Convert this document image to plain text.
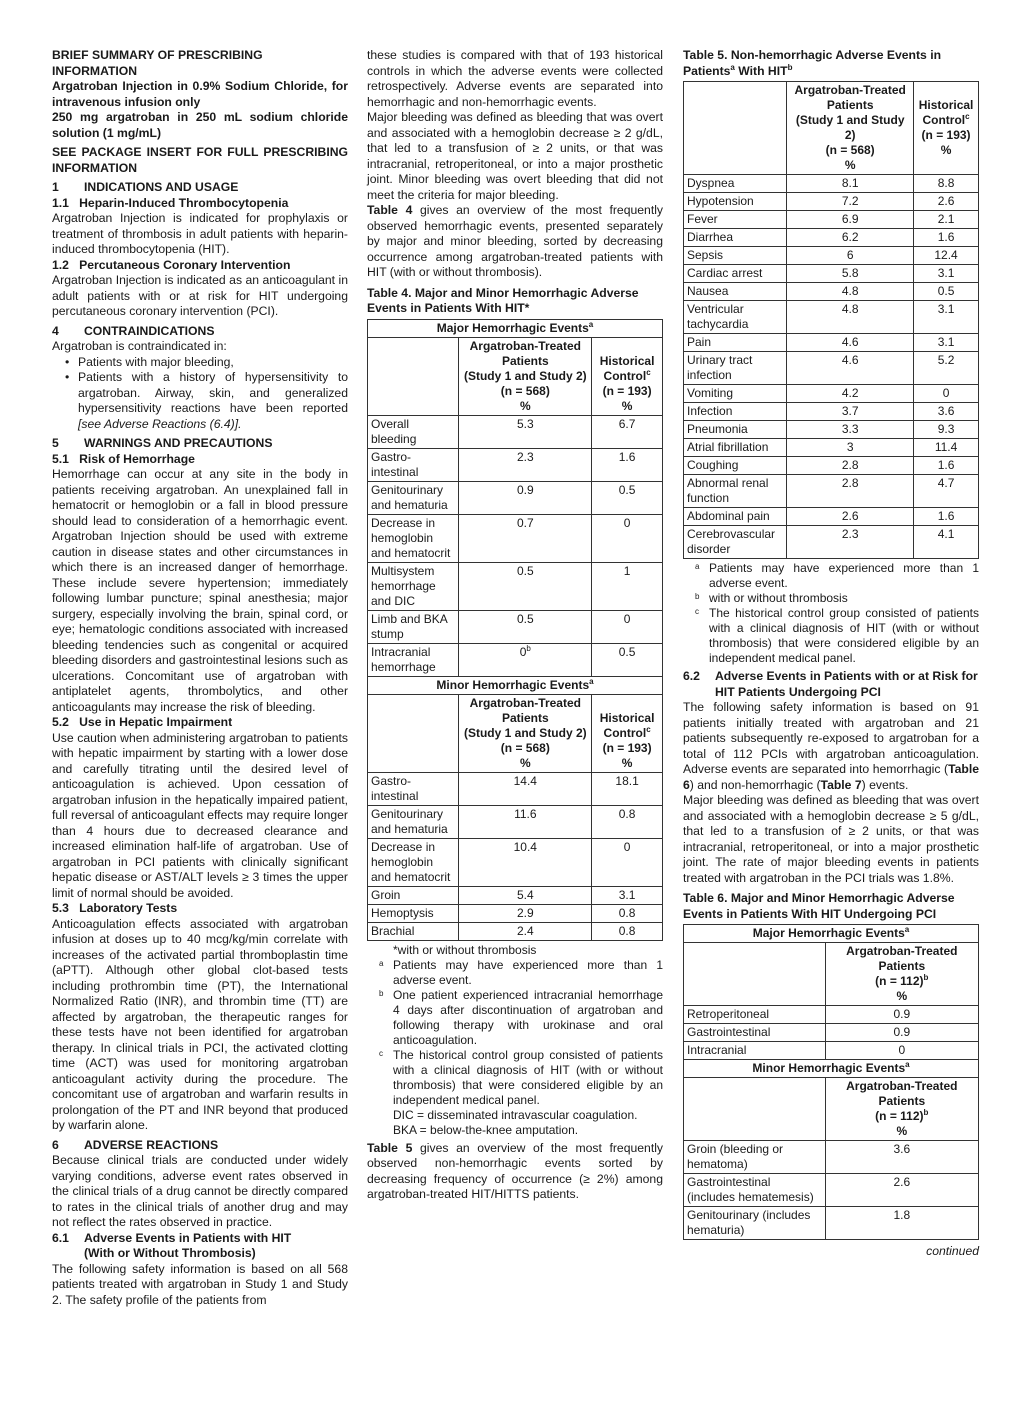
BRIEF SUMMARY OF PRESCRIBING INFORMATION
Argatroban Injection in 0.9% Sodium Chloride, for intravenous infusion only
250 mg argatroban in 250 mL sodium chloride solution (1 mg/mL)
SEE PACKAGE INSERT FOR FULL PRESCRIBING INFORMATION
1 INDICATIONS AND USAGE
1.1 Heparin-Induced Thrombocytopenia

Argatroban Injection is indicated for prophylaxis or treatment of thrombosis in adult patients with heparin-induced thrombocytopenia (HIT).

1.2 Percutaneous Coronary Intervention

Argatroban Injection is indicated as an anticoagulant in adult patients with or at risk for HIT undergoing percutaneous coronary intervention (PCI).

4 CONTRAINDICATIONS

Argatroban is contraindicated in:

• Patients with major bleeding,
• Patients with a history of hypersensitivity to argatroban. Airway, skin, and generalized hypersensitivity reactions have been reported [see Adverse Reactions (6.4)].
5 WARNINGS AND PRECAUTIONS
5.1 Risk of Hemorrhage

Hemorrhage can occur at any site in the body in patients receiving argatroban. An unexplained fall in hematocrit or hemoglobin or a fall in blood pressure should lead to consideration of a hemorrhagic event. Argatroban Injection should be used with extreme caution in disease states and other circumstances in which there is an increased danger of hemorrhage. These include severe hypertension; immediately following lumbar puncture; spinal anesthesia; major surgery, especially involving the brain, spinal cord, or eye; hematologic conditions associated with increased bleeding tendencies such as congenital or acquired bleeding disorders and gastrointestinal lesions such as ulcerations. Concomitant use of argatroban with antiplatelet agents, thrombolytics, and other anticoagulants may increase the risk of bleeding.

5.2 Use in Hepatic Impairment

Use caution when administering argatroban to patients with hepatic impairment by starting with a lower dose and carefully titrating until the desired level of anticoagulation is achieved. Upon cessation of argatroban infusion in the hepatically impaired patient, full reversal of anticoagulant effects may require longer than 4 hours due to decreased clearance and increased elimination half-life of argatroban. Use of argatroban in PCI patients with clinically significant hepatic disease or AST/ALT levels ≥ 3 times the upper limit of normal should be avoided.

5.3 Laboratory Tests

Anticoagulation effects associated with argatroban infusion at doses up to 40 mcg/kg/min correlate with increases of the activated partial thromboplastin time (aPTT). Although other global clot-based tests including prothrombin time (PT), the International Normalized Ratio (INR), and thrombin time (TT) are affected by argatroban, the therapeutic ranges for these tests have not been identified for argatroban therapy. In clinical trials in PCI, the activated clotting time (ACT) was used for monitoring argatroban anticoagulant activity during the procedure. The concomitant use of argatroban and warfarin results in prolongation of the PT and INR beyond that produced by warfarin alone.

6 ADVERSE REACTIONS

Because clinical trials are conducted under widely varying conditions, adverse event rates observed in the clinical trials of a drug cannot be directly compared to rates in the clinical trials of another drug and may not reflect the rates observed in practice.

6.1 Adverse Events in Patients with HIT
(With or Without Thrombosis)

The following safety information is based on all 568 patients treated with argatroban in Study 1 and Study 2. The safety profile of the patients from

these studies is compared with that of 193 historical controls in which the adverse events were collected retrospectively. Adverse events are separated into hemorrhagic and non-hemorrhagic events.

Major bleeding was defined as bleeding that was overt and associated with a hemoglobin decrease ≥ 2 g/dL, that led to a transfusion of ≥ 2 units, or that was intracranial, retroperitoneal, or into a major prosthetic joint. Minor bleeding was overt bleeding that did not meet the criteria for major bleeding.

Table 4 gives an overview of the most frequently observed hemorrhagic events, presented separately by major and minor bleeding, sorted by decreasing occurrence among argatroban-treated patients with HIT (with or without thrombosis).

Table 4. Major and Minor Hemorrhagic Adverse Events in Patients With HIT*
Major Hemorrhagic Events$^a$
	Argatroban-Treated
Patients
(Study 1 and Study 2)
(n = 568)
%	Historical
Control$^c$
(n = 193)
%
Overall bleeding	5.3	6.7
Gastro-intestinal	2.3	1.6
Genitourinary and hematuria	0.9	0.5
Decrease in hemoglobin and hematocrit	0.7	0
Multisystem hemorrhage and DIC	0.5	1
Limb and BKA stump	0.5	0
Intracranial hemorrhage	0$^b$	0.5
Minor Hemorrhagic Events$^a$
	Argatroban-Treated
Patients
(Study 1 and Study 2)
(n = 568)
%	Historical
Control$^c$
(n = 193)
%
Gastro-intestinal	14.4	18.1
Genitourinary and hematuria	11.6	0.8
Decrease in hemoglobin and hematocrit	10.4	0
Groin	5.4	3.1
Hemoptysis	2.9	0.8
Brachial	2.4	0.8
*with or without thrombosis
a Patients may have experienced more than 1 adverse event.
b One patient experienced intracranial hemorrhage 4 days after discontinuation of argatroban and following therapy with urokinase and oral anticoagulation.
c The historical control group consisted of patients with a clinical diagnosis of HIT (with or without thrombosis) that were considered eligible by an independent medical panel.
DIC = disseminated intravascular coagulation.
BKA = below-the-knee amputation.

Table 5 gives an overview of the most frequently observed non-hemorrhagic events sorted by decreasing frequency of occurrence (≥ 2%) among argatroban-treated HIT/HITTS patients.

Table 5. Non-hemorrhagic Adverse Events in Patients$^a$ With HIT$^b$
	Argatroban-Treated
Patients
(Study 1 and Study 2)
(n = 568)
%	Historical
Control$^c$
(n = 193)
%
Dyspnea	8.1	8.8
Hypotension	7.2	2.6
Fever	6.9	2.1
Diarrhea	6.2	1.6
Sepsis	6	12.4
Cardiac arrest	5.8	3.1
Nausea	4.8	0.5
Ventricular tachycardia	4.8	3.1
Pain	4.6	3.1
Urinary tract infection	4.6	5.2
Vomiting	4.2	0
Infection	3.7	3.6
Pneumonia	3.3	9.3
Atrial fibrillation	3	11.4
Coughing	2.8	1.6
Abnormal renal function	2.8	4.7
Abdominal pain	2.6	1.6
Cerebrovascular disorder	2.3	4.1
a Patients may have experienced more than 1 adverse event.
b with or without thrombosis
c The historical control group consisted of patients with a clinical diagnosis of HIT (with or without thrombosis) that were considered eligible by an independent medical panel.
6.2 Adverse Events in Patients with or at Risk for HIT Patients Undergoing PCI

The following safety information is based on 91 patients initially treated with argatroban and 21 patients subsequently re-exposed to argatroban for a total of 112 PCIs with argatroban anticoagulation. Adverse events are separated into hemorrhagic (Table 6) and non-hemorrhagic (Table 7) events.

Major bleeding was defined as bleeding that was overt and associated with a hemoglobin decrease ≥ 5 g/dL, that led to a transfusion of ≥ 2 units, or that was intracranial, retroperitoneal, or into a major prosthetic joint. The rate of major bleeding events in patients treated with argatroban in the PCI trials was 1.8%.

Table 6. Major and Minor Hemorrhagic Adverse Events in Patients With HIT Undergoing PCI
Major Hemorrhagic Events$^a$
	Argatroban-Treated
Patients
(n = 112)$^b$
%
Retroperitoneal	0.9
Gastrointestinal	0.9
Intracranial	0
Minor Hemorrhagic Events$^a$
	Argatroban-Treated
Patients
(n = 112)$^b$
%
Groin (bleeding or hematoma)	3.6
Gastrointestinal (includes hematemesis)	2.6
Genitourinary (includes hematuria)	1.8
continued
